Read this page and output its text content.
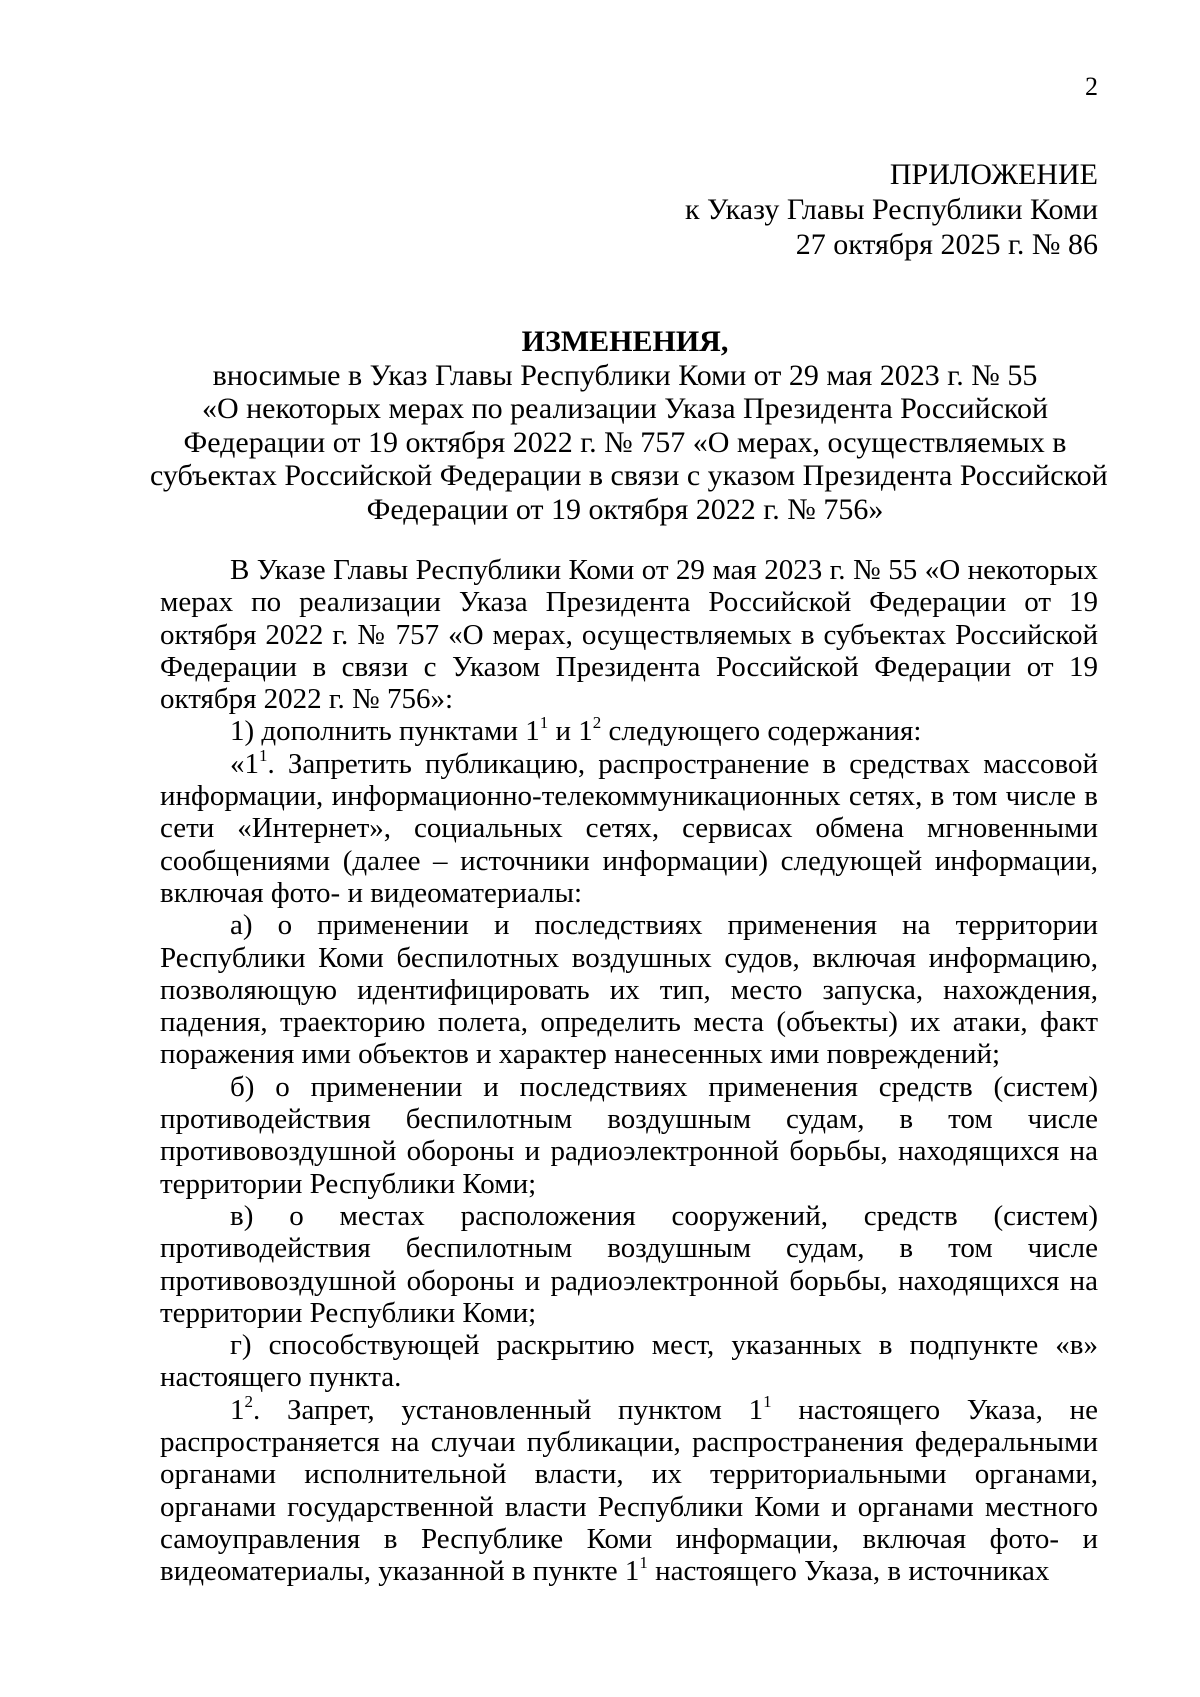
2
ПРИЛОЖЕНИЕ
к Указу Главы Республики Коми
27 октября 2025 г. № 86
ИЗМЕНЕНИЯ,
вносимые в Указ Главы Республики Коми от 29 мая 2023 г. № 55
«О некоторых мерах по реализации Указа Президента Российской
Федерации от 19 октября 2022 г. № 757 «О мерах, осуществляемых в
субъектах Российской Федерации в связи с указом Президента Российской
Федерации от 19 октября 2022 г. № 756»

В Указе Главы Республики Коми от 29 мая 2023 г. № 55 «О некоторых мерах по реализации Указа Президента Российской Федерации от 19 октября 2022 г. № 757 «О мерах, осуществляемых в субъектах Российской Федерации в связи с Указом Президента Российской Федерации от 19 октября 2022 г. № 756»:

1) дополнить пунктами $1^1$ и $1^2$ следующего содержания:

«$1^1$. Запретить публикацию, распространение в средствах массовой информации, информационно-телекоммуникационных сетях, в том числе в сети «Интернет», социальных сетях, сервисах обмена мгновенными сообщениями (далее – источники информации) следующей информации, включая фото- и видеоматериалы:

а) о применении и последствиях применения на территории Республики Коми беспилотных воздушных судов, включая информацию, позволяющую идентифицировать их тип, место запуска, нахождения, падения, траекторию полета, определить места (объекты) их атаки, факт поражения ими объектов и характер нанесенных ими повреждений;

б) о применении и последствиях применения средств (систем) противодействия беспилотным воздушным судам, в том числе противовоздушной обороны и радиоэлектронной борьбы, находящихся на территории Республики Коми;

в) о местах расположения сооружений, средств (систем) противодействия беспилотным воздушным судам, в том числе противовоздушной обороны и радиоэлектронной борьбы, находящихся на территории Республики Коми;

г) способствующей раскрытию мест, указанных в подпункте «в» настоящего пункта.

$1^2$. Запрет, установленный пунктом $1^1$ настоящего Указа, не распространяется на случаи публикации, распространения федеральными органами исполнительной власти, их территориальными органами, органами государственной власти Республики Коми и органами местного самоуправления в Республике Коми информации, включая фото- и видеоматериалы, указанной в пункте $1^1$ настоящего Указа, в источниках
